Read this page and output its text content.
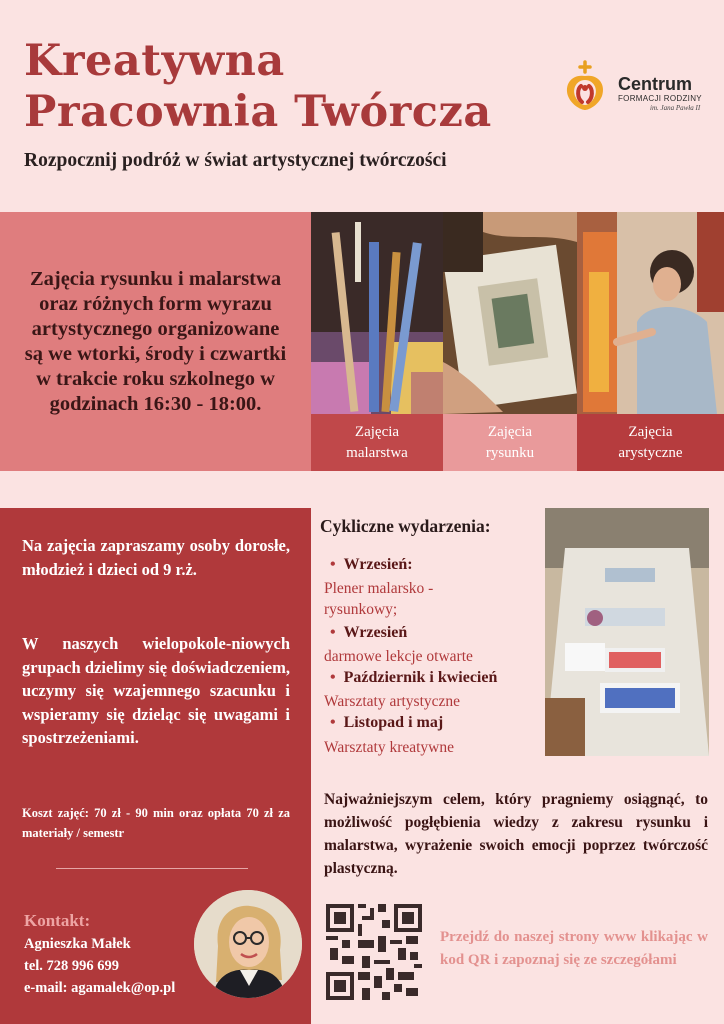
Kreatywna
Pracownia Twórcza
Rozpocznij podróż w świat artystycznej twórczości
Centrum
FORMACJI RODZINY
im. Jana Pawła II

Zajęcia rysunku i malarstwa oraz różnych form wyrazu artystycznego organizowane są we wtorki, środy i czwartki w trakcie roku szkolnego w godzinach 16:30 - 18:00.

Zajęcia
malarstwa
Zajęcia
rysunku
Zajęcia
arystyczne

Na zajęcia zapraszamy osoby dorosłe, młodzież i dzieci od 9 r.ż.

W naszych wielopokole-niowych grupach dzielimy się doświadczeniem, uczymy się wzajemnego szacunku i wspieramy się dzieląc się uwagami i spostrzeżeniami.

Koszt zajęć: 70 zł - 90 min oraz opłata 70 zł za materiały / semestr

Kontakt:
Agnieszka Małek
tel. 728 996 699
e-mail: agamalek@op.pl
Cykliczne wydarzenia:
• Wrzesień:
Plener malarsko - rysunkowy;
• Wrzesień
darmowe lekcje otwarte
• Październik i kwiecień
Warsztaty artystyczne
• Listopad i maj
Warsztaty kreatywne

Najważniejszym celem, który pragniemy osiągnąć, to możliwość pogłębienia wiedzy z zakresu rysunku i malarstwa, wyrażenie swoich emocji poprzez twórczość plastyczną.

Przejdź do naszej strony www klikając w kod QR i zapoznaj się ze szczegółami
